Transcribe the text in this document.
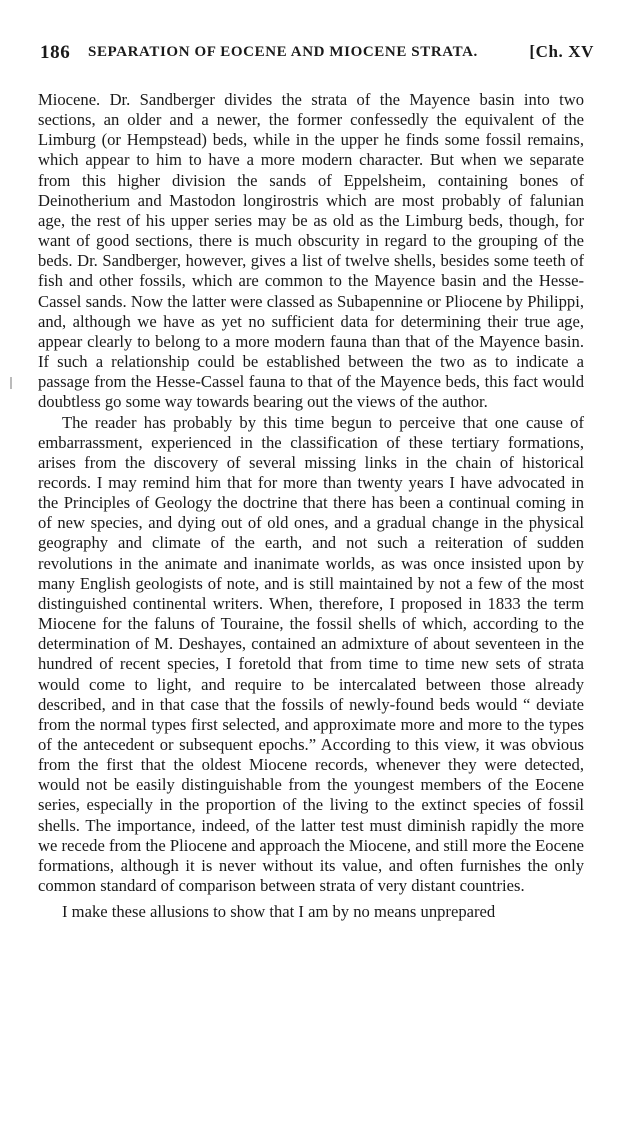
186 SEPARATION OF EOCENE AND MIOCENE STRATA.	[Ch. XV

Miocene. Dr. Sandberger divides the strata of the Mayence basin into two sections, an older and a newer, the former confessedly the equivalent of the Limburg (or Hempstead) beds, while in the upper he finds some fossil remains, which appear to him to have a more modern character. But when we separate from this higher division the sands of Eppelsheim, containing bones of Deinotherium and Mastodon longirostris which are most probably of falunian age, the rest of his upper series may be as old as the Limburg beds, though, for want of good sections, there is much obscurity in regard to the grouping of the beds. Dr. Sandberger, however, gives a list of twelve shells, besides some teeth of fish and other fossils, which are common to the Mayence basin and the Hesse-Cassel sands. Now the latter were classed as Subapennine or Pliocene by Philippi, and, although we have as yet no sufficient data for determining their true age, appear clearly to belong to a more modern fauna than that of the Mayence basin. If such a relationship could be established between the two as to indicate a passage from the Hesse-Cassel fauna to that of the Mayence beds, this fact would doubtless go some way towards bearing out the views of the author.

The reader has probably by this time begun to perceive that one cause of embarrassment, experienced in the classification of these tertiary formations, arises from the discovery of several missing links in the chain of historical records. I may remind him that for more than twenty years I have advocated in the Principles of Geology the doctrine that there has been a continual coming in of new species, and dying out of old ones, and a gradual change in the physical geography and climate of the earth, and not such a reiteration of sudden revolutions in the animate and inanimate worlds, as was once insisted upon by many English geologists of note, and is still maintained by not a few of the most distinguished continental writers. When, therefore, I proposed in 1833 the term Miocene for the faluns of Touraine, the fossil shells of which, according to the determination of M. Deshayes, contained an admixture of about seventeen in the hundred of recent species, I foretold that from time to time new sets of strata would come to light, and require to be intercalated between those already described, and in that case that the fossils of newly-found beds would “ deviate from the normal types first selected, and approximate more and more to the types of the antecedent or subsequent epochs.” According to this view, it was obvious from the first that the oldest Miocene records, whenever they were detected, would not be easily distinguishable from the youngest members of the Eocene series, especially in the proportion of the living to the extinct species of fossil shells. The importance, indeed, of the latter test must diminish rapidly the more we recede from the Pliocene and approach the Miocene, and still more the Eocene formations, although it is never without its value, and often furnishes the only common standard of comparison between strata of very distant countries.

I make these allusions to show that I am by no means unprepared
